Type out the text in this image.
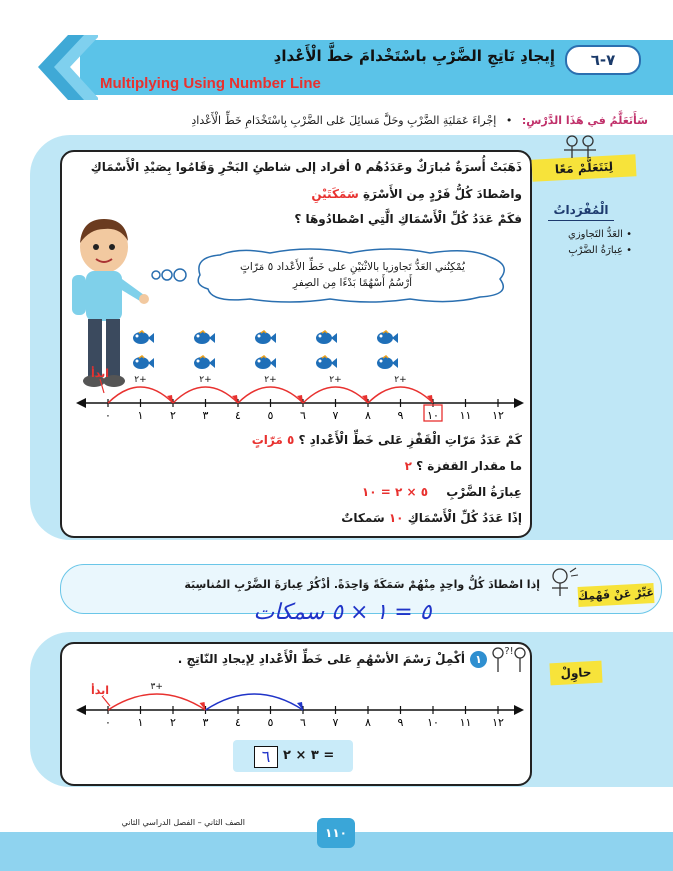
٧-٦
إِيجادِ نَاتِجِ الضَّرْبِ باسْتَخْدامَ خطَّ الْأَعْدادِ
Multiplying Using Number Line
سَأَتَعَلَّمُ في هَذَا الدَّرْسِ: • إجْراءَ عَمَليَةِ الضَّرْبِ وحَلَّ مَسائِلَ عَلى الضَّرْبِ بِاسْتَخْدَامِ خَطِّ الْأَعْدادِ
لِنَتَعَلَّمْ مَعًا
الْمُفْرَداتُ
• العَدُّ التَجاوزي
• عِبارَةُ الضَّرْبِ
ذَهَبَتْ أُسرَةٌ مُبارَكٌ وعَدَدُهُم ٥ أفراد إلى شاطئِ البَحْرِ وَقَامُوا بِصَيْدِ الْأَسْمَاكِ
واصْطادَ كُلُّ فَرْدٍ مِن الأَسْرَةِ سَمَكَتَيْنِ
فكَمْ عَدَدُ كُلِّ الْأَسْمَاكِ الَّتِي اصْطادُوهَا ؟
يُمْكِنُني العَدُّ تَجاوزيا بالاثْنَيْنِ على خَطِّ الأَعْداد ٥ مَرّاتٍ
أَرْسُمُ أَسْهُمًا بَدْءًا مِن الصِفرِ
٠ ١ ٢ ٣ ٤ ٥ ٦ ٧ ٨ ٩ ١٠ ١١ ١٢
٢+	٢+	٢+	٢+	٢+
ابدأ
كَمْ عَدَدُ مَرّاتِ الْقَفْزِ عَلى خَطِّ الْأَعْدادِ ؟ ٥ مَرّاتٍ
ما مقدار القفزة ؟ ٢
عِبارَةُ الضَّرْبِ ٥ × ٢ = ١٠
إذًا عَدَدُ كُلِّ الْأَسْمَاكِ ١٠ سَمكاتٌ
عَبِّرْ عَنْ فَهْمِكَ
إذا اصْطادَ كُلُّ واحِدٍ مِنْهُمْ سَمَكَةً وَاحِدَةً. أذْكُرْ عِبارَةَ الضَّرْبِ المُناسِبَة
٥ = ١ × ٥ سمكات
حاوِلْ
?!
١
أكْمِلْ رَسْمَ الأسْهُمِ عَلى خَطِّ الْأَعْدادِ لِإيجادِ النّاتِجِ .
٠ ١ ٢ ٣ ٤ ٥ ٦ ٧ ٨ ٩ ١٠ ١١ ١٢
٣+
ابدأ
٦ = ٣ × ٢
الصف الثاني – الفصل الدراسي الثاني
١١٠
